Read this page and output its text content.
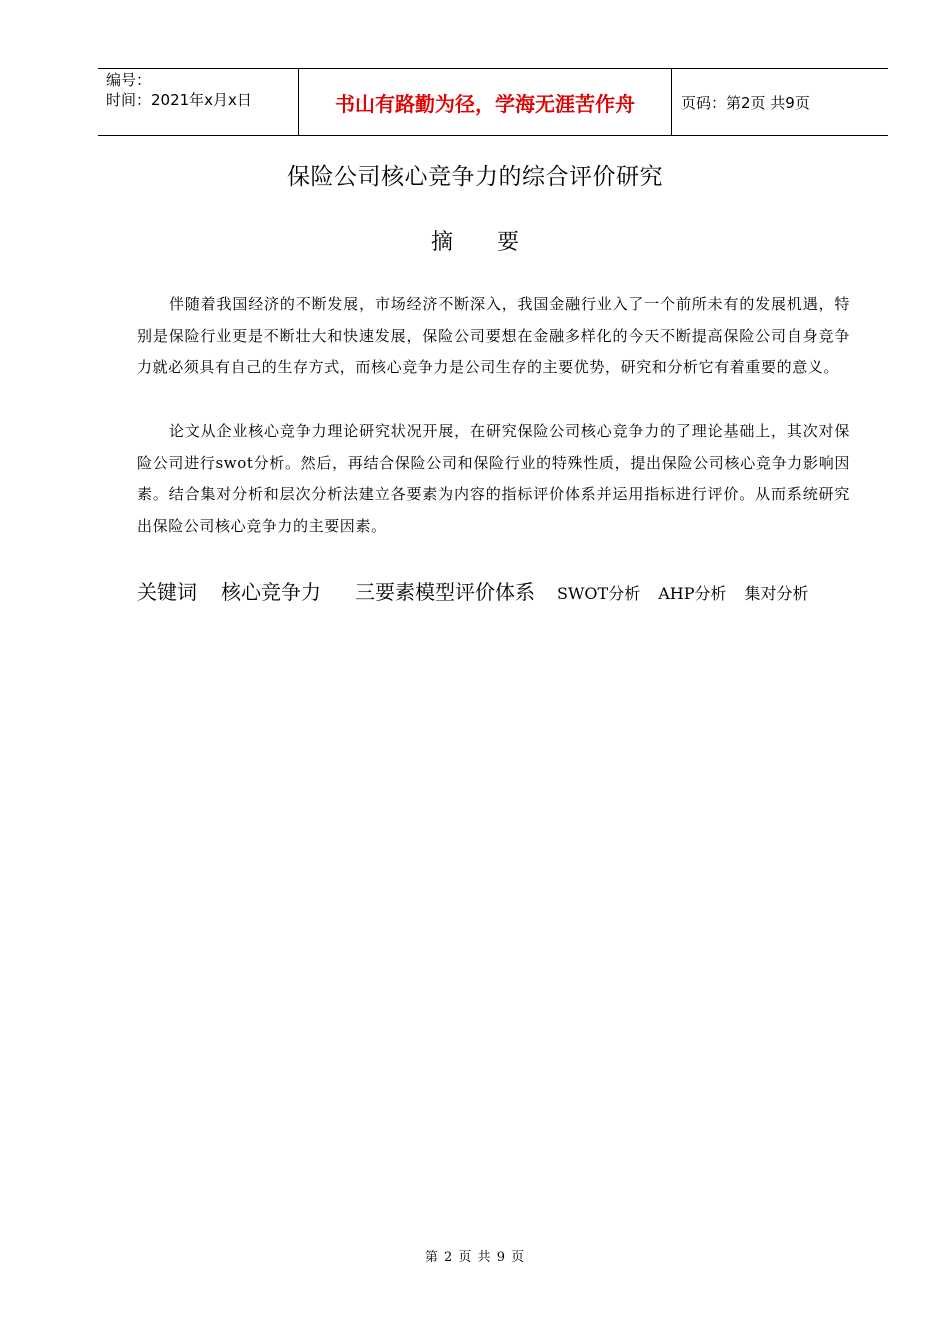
编号：
时间：2021年x月x日	书山有路勤为径，学海无涯苦作舟	页码：第2页 共9页
保险公司核心竞争力的综合评价研究
摘 要

伴随着我国经济的不断发展，市场经济不断深入，我国金融行业入了一个前所未有的发展机遇，特别是保险行业更是不断壮大和快速发展，保险公司要想在金融多样化的今天不断提高保险公司自身竞争力就必须具有自己的生存方式，而核心竞争力是公司生存的主要优势，研究和分析它有着重要的意义。

论文从企业核心竞争力理论研究状况开展，在研究保险公司核心竞争力的了理论基础上，其次对保险公司进行swot分析。然后，再结合保险公司和保险行业的特殊性质，提出保险公司核心竞争力影响因素。结合集对分析和层次分析法建立各要素为内容的指标评价体系并运用指标进行评价。从而系统研究出保险公司核心竞争力的主要因素。

关键词 核心竞争力 三要素模型评价体系 SWOT分析 AHP分析 集对分析
第 2 页 共 9 页
